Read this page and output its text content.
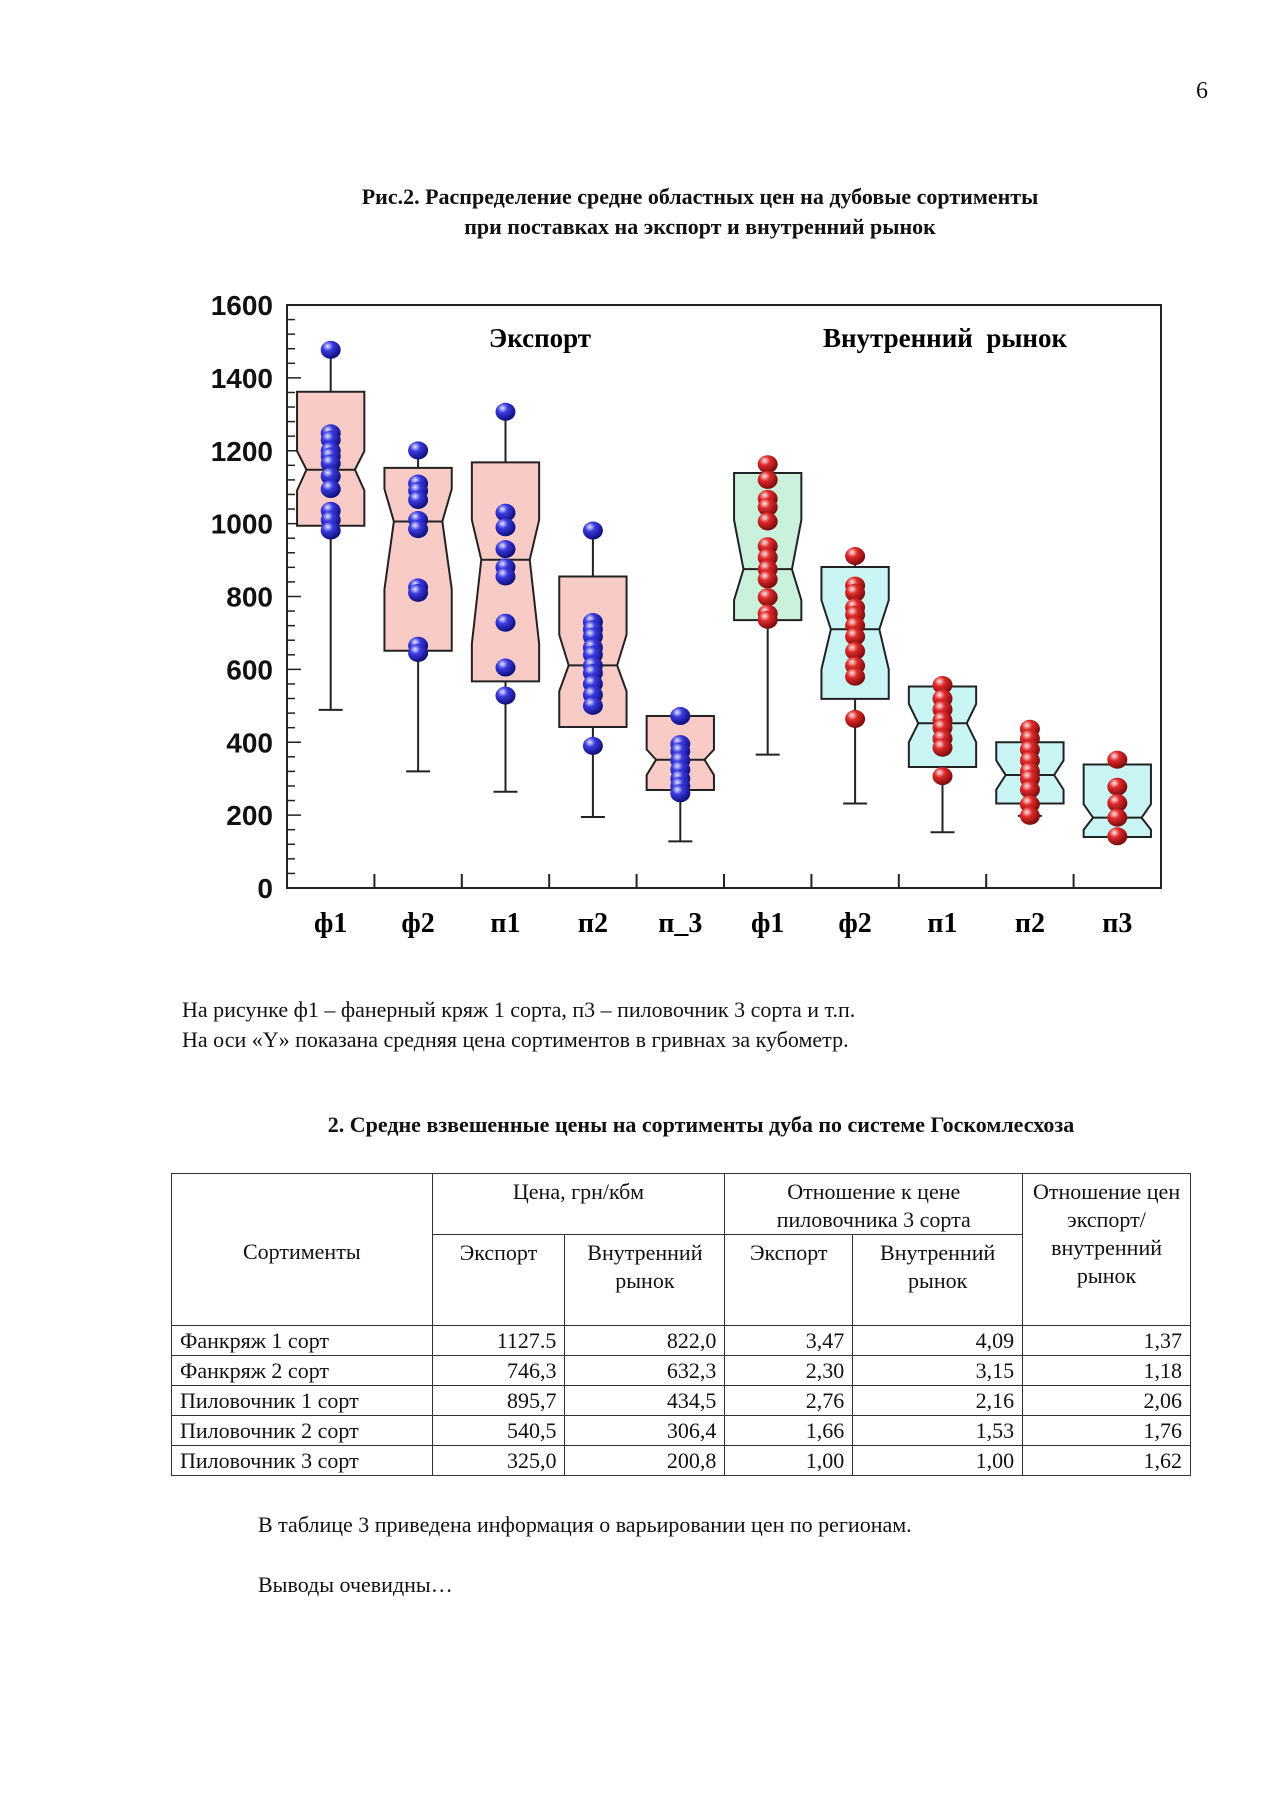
6
Рис.2. Распределение средне областных цен на дубовые сортименты
при поставках на экспорт и внутренний рынок
0
200
400
600
800
1000
1200
1400
1600
Экспорт	Внутренний  рынок
ф1 ф2 п1 п2 п_3 ф1 ф2 п1 п2 п3
На рисунке ф1 – фанерный кряж 1 сорта, п3 – пиловочник 3 сорта и т.п.
На оси «Y» показана средняя цена сортиментов в гривнах за кубометр.
2. Средне взвешенные цены на сортименты дуба по системе Госкомлесхоза
Сортименты	Цена, грн/кбм		Отношение к цене пиловочника 3 сорта		Отношение цен экспорт/ внутренний рынок
	Экспорт	Внутренний рынок	Экспорт	Внутренний рынок	
Фанкряж 1 сорт	1127.5	822,0	3,47	4,09	1,37
Фанкряж 2 сорт	746,3	632,3	2,30	3,15	1,18
Пиловочник 1 сорт	895,7	434,5	2,76	2,16	2,06
Пиловочник 2 сорт	540,5	306,4	1,66	1,53	1,76
Пиловочник 3 сорт	325,0	200,8	1,00	1,00	1,62
В таблице 3 приведена информация о варьировании цен по регионам.
Выводы очевидны…
